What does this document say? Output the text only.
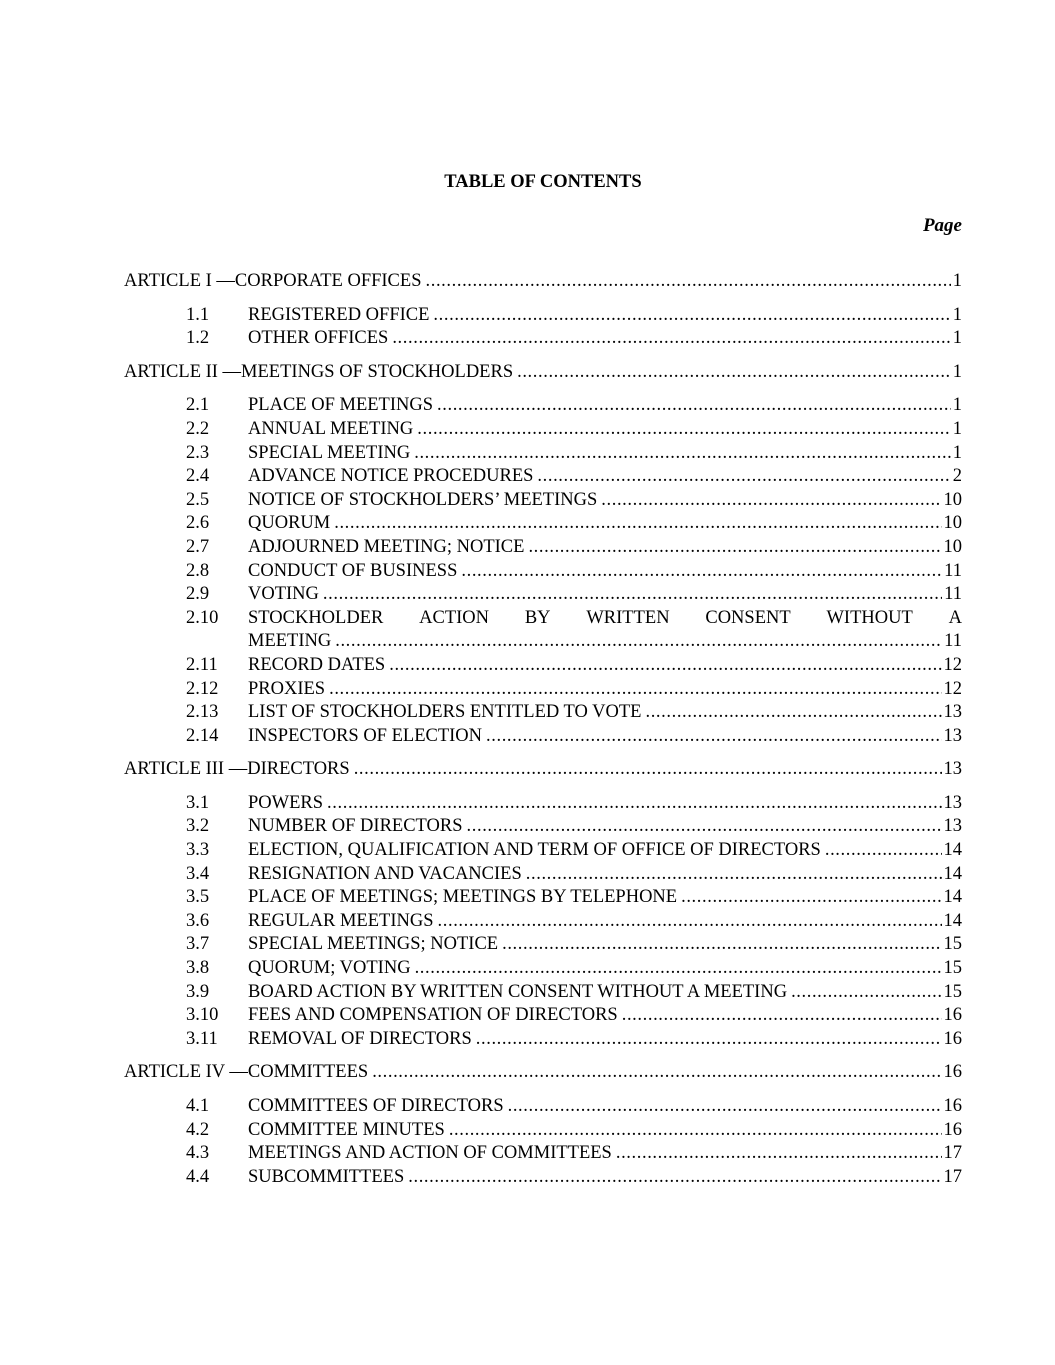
TABLE OF CONTENTS
Page
ARTICLE I —CORPORATE OFFICES .....	1
1.1	REGISTERED OFFICE .....	1
1.2	OTHER OFFICES .....	1
ARTICLE II —MEETINGS OF STOCKHOLDERS .....	1
2.1	PLACE OF MEETINGS .....	1
2.2	ANNUAL MEETING .....	1
2.3	SPECIAL MEETING .....	1
2.4	ADVANCE NOTICE PROCEDURES .....	2
2.5	NOTICE OF STOCKHOLDERS’ MEETINGS .....	10
2.6	QUORUM .....	10
2.7	ADJOURNED MEETING; NOTICE .....	10
2.8	CONDUCT OF BUSINESS .....	11
2.9	VOTING .....	11
2.10	STOCKHOLDER ACTION BY WRITTEN CONSENT WITHOUT A
MEETING .....	11
2.11	RECORD DATES .....	12
2.12	PROXIES .....	12
2.13	LIST OF STOCKHOLDERS ENTITLED TO VOTE .....	13
2.14	INSPECTORS OF ELECTION .....	13
ARTICLE III —DIRECTORS .....	13
3.1	POWERS .....	13
3.2	NUMBER OF DIRECTORS .....	13
3.3	ELECTION, QUALIFICATION AND TERM OF OFFICE OF DIRECTORS .....	14
3.4	RESIGNATION AND VACANCIES .....	14
3.5	PLACE OF MEETINGS; MEETINGS BY TELEPHONE .....	14
3.6	REGULAR MEETINGS .....	14
3.7	SPECIAL MEETINGS; NOTICE .....	15
3.8	QUORUM; VOTING .....	15
3.9	BOARD ACTION BY WRITTEN CONSENT WITHOUT A MEETING .....	15
3.10	FEES AND COMPENSATION OF DIRECTORS .....	16
3.11	REMOVAL OF DIRECTORS .....	16
ARTICLE IV —COMMITTEES .....	16
4.1	COMMITTEES OF DIRECTORS .....	16
4.2	COMMITTEE MINUTES .....	16
4.3	MEETINGS AND ACTION OF COMMITTEES .....	17
4.4	SUBCOMMITTEES .....	17
